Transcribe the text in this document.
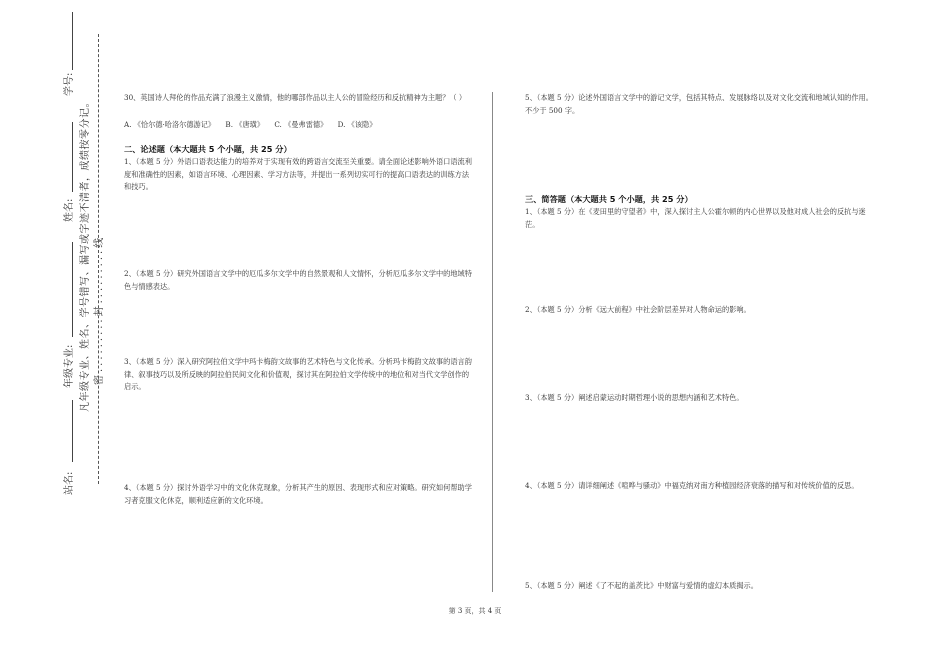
学号:
姓名:
年级专业:
站名:
凡年级专业、姓名、学号错写、漏写或字迹不清者，成绩按零分记。 密.........封.........线
30、英国诗人拜伦的作品充满了浪漫主义激情，他的哪部作品以主人公的冒险经历和反抗精神为主题？（ ）
A. 《恰尔德·哈洛尔德游记》 B. 《唐璜》 C. 《曼弗雷德》 D. 《该隐》
二、论述题（本大题共 5 个小题，共 25 分）
1、（本题 5 分）外语口语表达能力的培养对于实现有效的跨语言交流至关重要。请全面论述影响外语口语流利度和准确性的因素，如语言环境、心理因素、学习方法等，并提出一系列切实可行的提高口语表达的训练方法和技巧。
2、（本题 5 分）研究外国语言文学中的厄瓜多尔文学中的自然景观和人文情怀，分析厄瓜多尔文学中的地域特色与情感表达。
3、（本题 5 分）深入研究阿拉伯文学中玛卡梅韵文故事的艺术特色与文化传承。分析玛卡梅韵文故事的语言韵律、叙事技巧以及所反映的阿拉伯民间文化和价值观，探讨其在阿拉伯文学传统中的地位和对当代文学创作的启示。
4、（本题 5 分）探讨外语学习中的文化休克现象，分析其产生的原因、表现形式和应对策略。研究如何帮助学习者克服文化休克，顺利适应新的文化环境。
5、（本题 5 分）论述外国语言文学中的游记文学，包括其特点、发展脉络以及对文化交流和地域认知的作用。不少于 500 字。
三、简答题（本大题共 5 个小题，共 25 分）
1、（本题 5 分）在《麦田里的守望者》中，深入探讨主人公霍尔顿的内心世界以及他对成人社会的反抗与迷茫。
2、（本题 5 分）分析《远大前程》中社会阶层差异对人物命运的影响。
3、（本题 5 分）阐述启蒙运动时期哲理小说的思想内涵和艺术特色。
4、（本题 5 分）请详细阐述《喧哗与骚动》中福克纳对南方种植园经济衰落的描写和对传统价值的反思。
5、（本题 5 分）阐述《了不起的盖茨比》中财富与爱情的虚幻本质揭示。
第 3 页，共 4 页
